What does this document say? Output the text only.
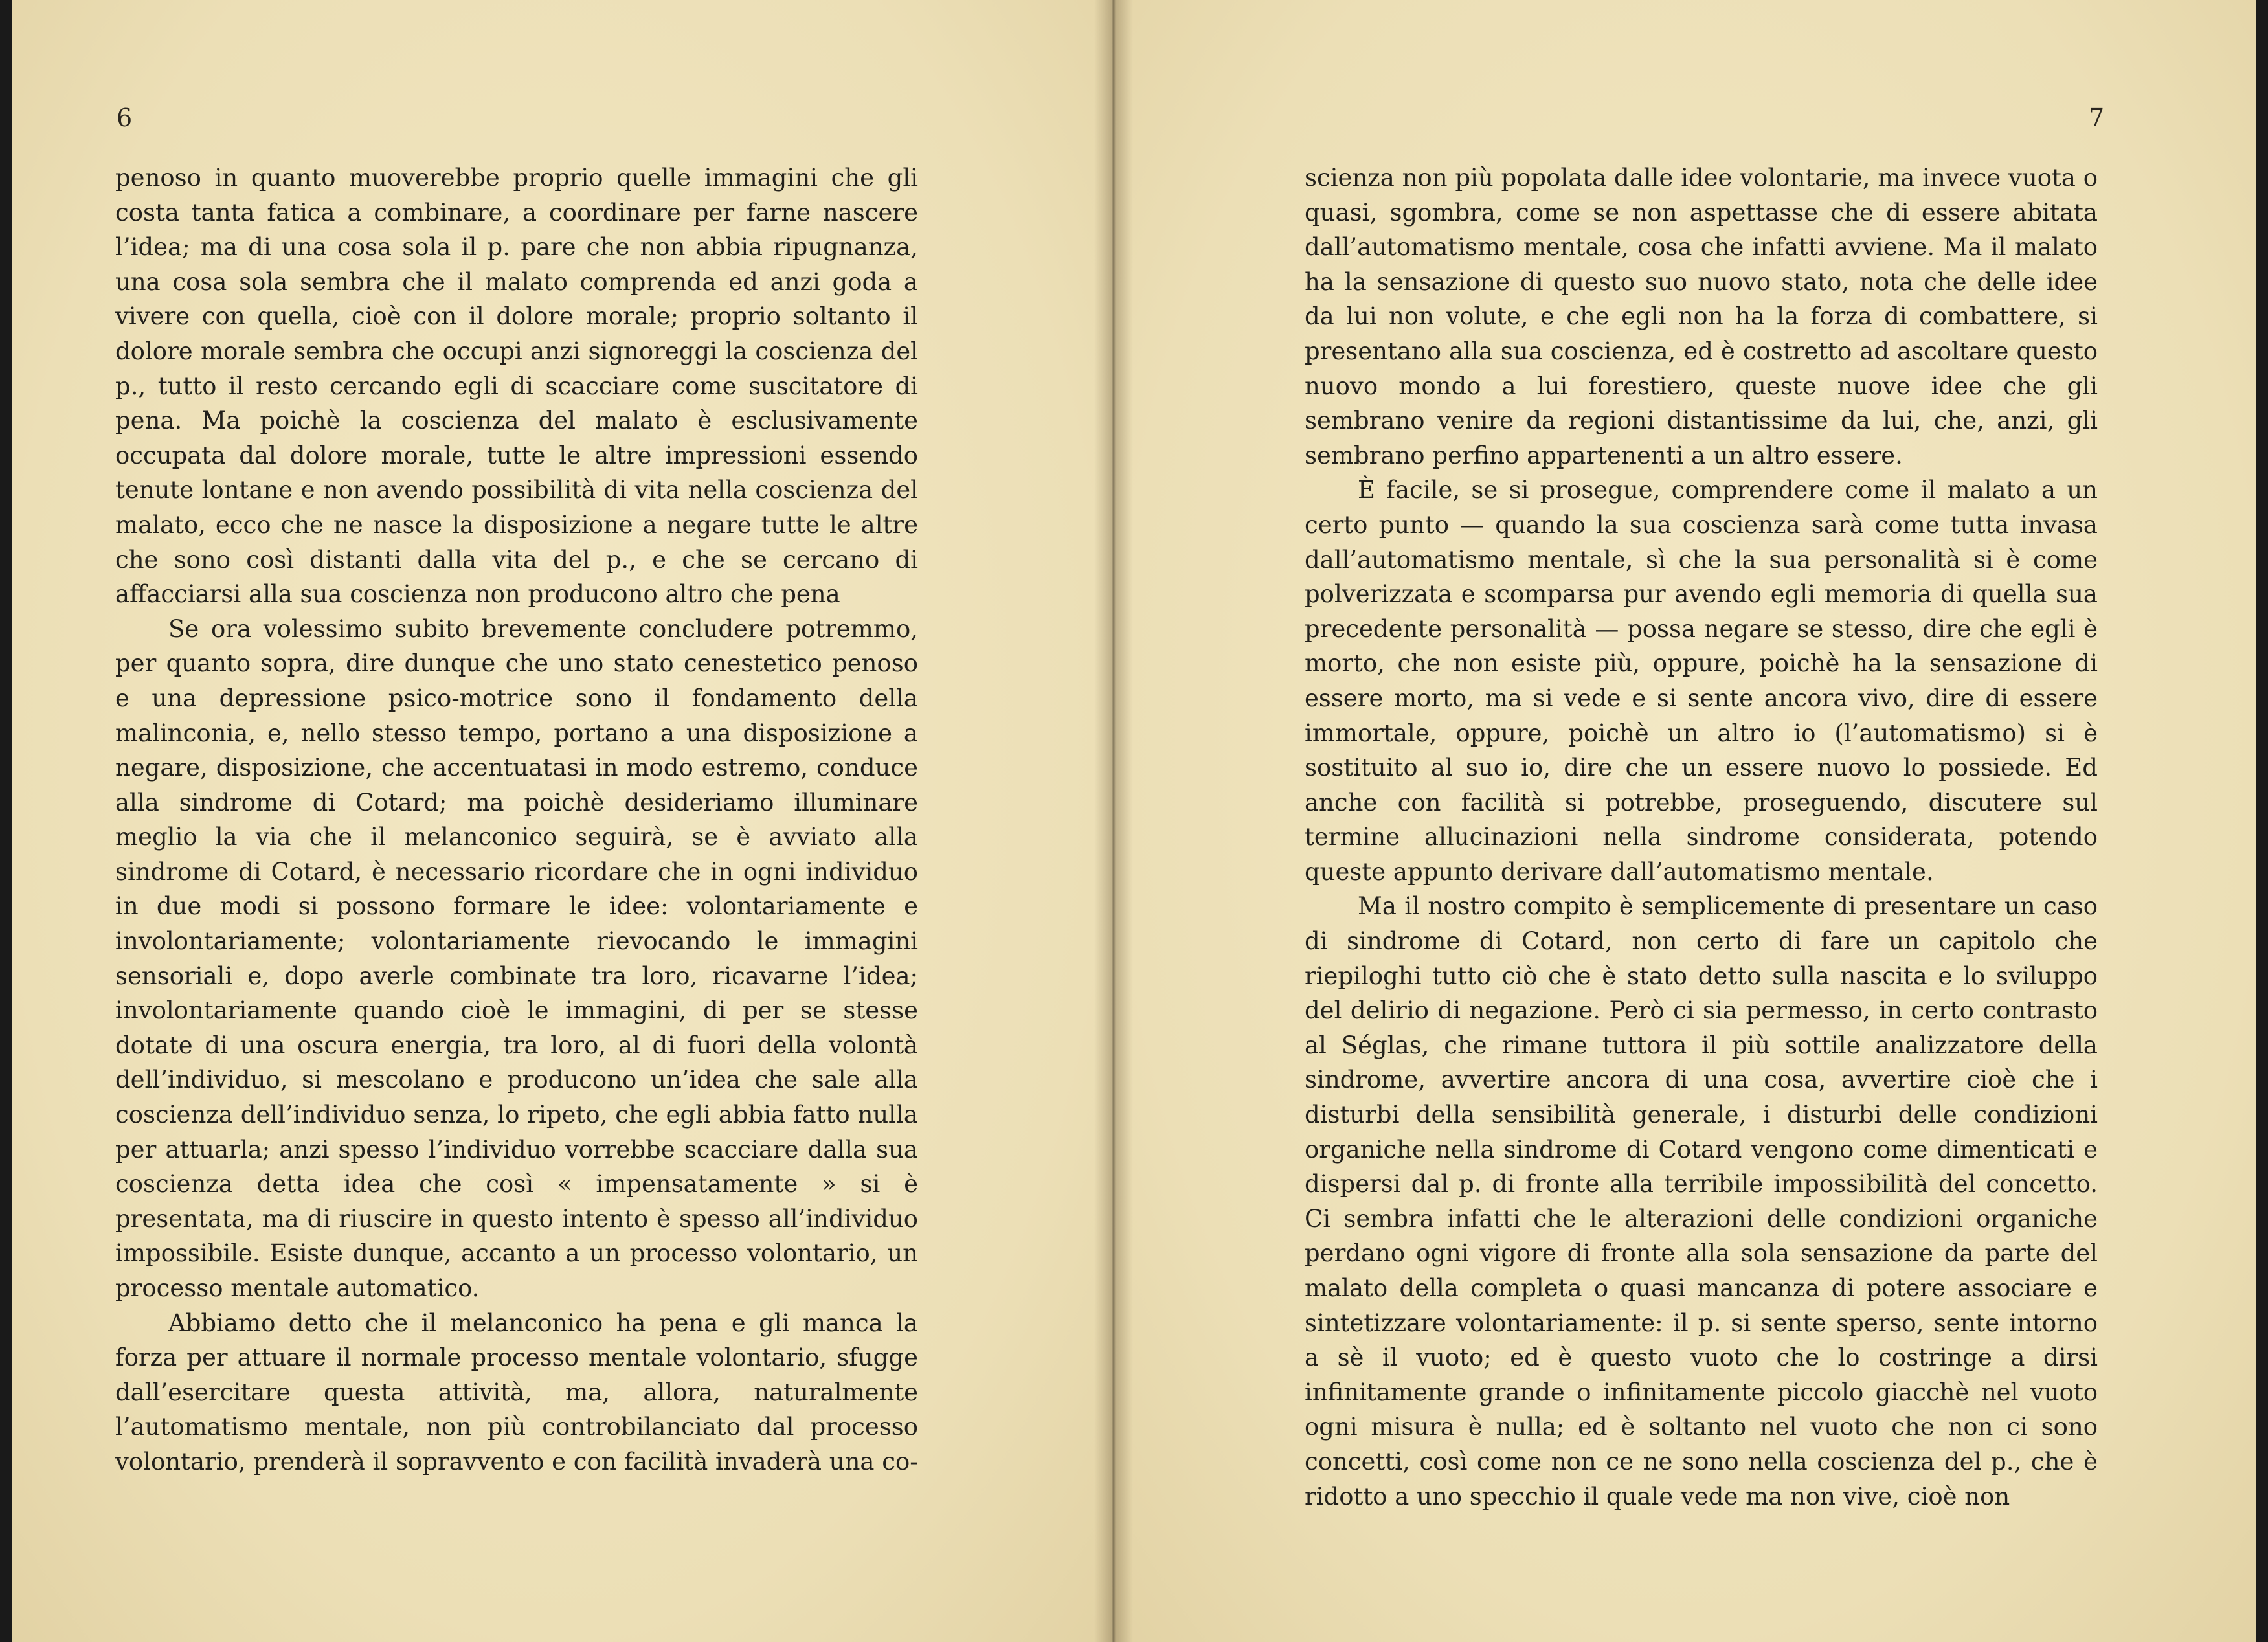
6

penoso in quanto muoverebbe proprio quelle immagini che gli costa tanta fatica a combinare, a coordinare per farne nascere l’idea; ma di una cosa sola il p. pare che non abbia ripugnanza, una cosa sola sembra che il malato comprenda ed anzi goda a vivere con quella, cioè con il dolore morale; proprio soltanto il dolore morale sembra che occupi anzi signoreggi la coscienza del p., tutto il resto cercando egli di scacciare come suscitatore di pena. Ma poichè la coscienza del malato è esclusivamente occupata dal dolore morale, tutte le altre impressioni essendo tenute lontane e non avendo possibilità di vita nella coscienza del malato, ecco che ne nasce la disposizione a negare tutte le altre che sono così distanti dalla vita del p., e che se cercano di affacciarsi alla sua coscienza non producono altro che pena

Se ora volessimo subito brevemente concludere potremmo, per quanto sopra, dire dunque che uno stato cenestetico penoso e una depressione psico-motrice sono il fondamento della malinconia, e, nello stesso tempo, portano a una disposizione a negare, disposizione, che accentuatasi in modo estremo, conduce alla sindrome di Cotard; ma poichè desideriamo illuminare meglio la via che il melanconico seguirà, se è avviato alla sindrome di Cotard, è necessario ricordare che in ogni individuo in due modi si possono formare le idee: volontariamente e involontariamente; volontariamente rievocando le immagini sensoriali e, dopo averle combinate tra loro, ricavarne l’idea; involontariamente quando cioè le immagini, di per se stesse dotate di una oscura energia, tra loro, al di fuori della volontà dell’individuo, si mescolano e producono un’idea che sale alla coscienza dell’individuo senza, lo ripeto, che egli abbia fatto nulla per attuarla; anzi spesso l’individuo vorrebbe scacciare dalla sua coscienza detta idea che così « impensatamente » si è presentata, ma di riuscire in questo intento è spesso all’individuo impossibile. Esiste dunque, accanto a un processo volontario, un processo mentale automatico.

Abbiamo detto che il melanconico ha pena e gli manca la forza per attuare il normale processo mentale volontario, sfugge dall’esercitare questa attività, ma, allora, naturalmente l’automatismo mentale, non più controbilanciato dal processo volontario, prenderà il sopravvento e con facilità invaderà una co-

7

scienza non più popolata dalle idee volontarie, ma invece vuota o quasi, sgombra, come se non aspettasse che di essere abitata dall’automatismo mentale, cosa che infatti avviene. Ma il malato ha la sensazione di questo suo nuovo stato, nota che delle idee da lui non volute, e che egli non ha la forza di combattere, si presentano alla sua coscienza, ed è costretto ad ascoltare questo nuovo mondo a lui forestiero, queste nuove idee che gli sembrano venire da regioni distantissime da lui, che, anzi, gli sembrano perfino appartenenti a un altro essere.

È facile, se si prosegue, comprendere come il malato a un certo punto — quando la sua coscienza sarà come tutta invasa dall’automatismo mentale, sì che la sua personalità si è come polverizzata e scomparsa pur avendo egli memoria di quella sua precedente personalità — possa negare se stesso, dire che egli è morto, che non esiste più, oppure, poichè ha la sensazione di essere morto, ma si vede e si sente ancora vivo, dire di essere immortale, oppure, poichè un altro io (l’automatismo) si è sostituito al suo io, dire che un essere nuovo lo possiede. Ed anche con facilità si potrebbe, proseguendo, discutere sul termine allucinazioni nella sindrome considerata, potendo queste appunto derivare dall’automatismo mentale.

Ma il nostro compito è semplicemente di presentare un caso di sindrome di Cotard, non certo di fare un capitolo che riepiloghi tutto ciò che è stato detto sulla nascita e lo sviluppo del delirio di negazione. Però ci sia permesso, in certo contrasto al Séglas, che rimane tuttora il più sottile analizzatore della sindrome, avvertire ancora di una cosa, avvertire cioè che i disturbi della sensibilità generale, i disturbi delle condizioni organiche nella sindrome di Cotard vengono come dimenticati e dispersi dal p. di fronte alla terribile impossibilità del concetto. Ci sembra infatti che le alterazioni delle condizioni organiche perdano ogni vigore di fronte alla sola sensazione da parte del malato della completa o quasi mancanza di potere associare e sintetizzare volontariamente: il p. si sente sperso, sente intorno a sè il vuoto; ed è questo vuoto che lo costringe a dirsi infinitamente grande o infinitamente piccolo giacchè nel vuoto ogni misura è nulla; ed è soltanto nel vuoto che non ci sono concetti, così come non ce ne sono nella coscienza del p., che è ridotto a uno specchio il quale vede ma non vive, cioè non
